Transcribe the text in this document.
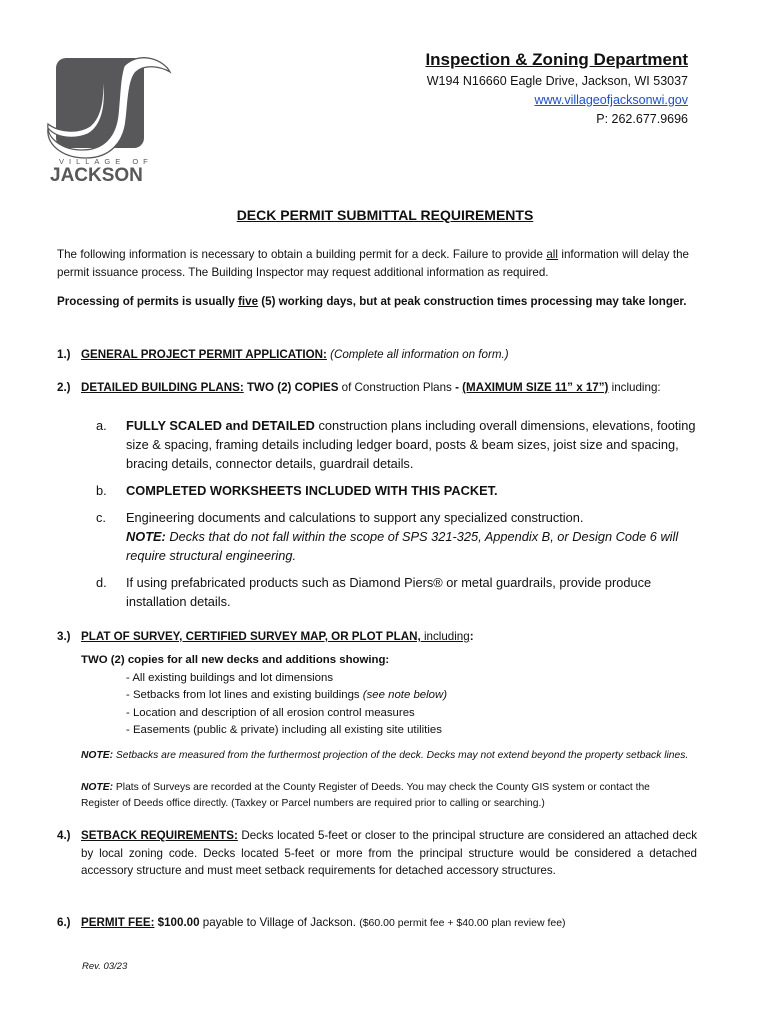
VILLAGE OF
JACKSON
Inspection & Zoning Department
W194 N16660 Eagle Drive, Jackson, WI 53037
www.villageofjacksonwi.gov
P: 262.677.9696
DECK PERMIT SUBMITTAL REQUIREMENTS
The following information is necessary to obtain a building permit for a deck. Failure to provide all information will delay the permit issuance process. The Building Inspector may request additional information as required.
Processing of permits is usually five (5) working days, but at peak construction times processing may take longer.
1.) GENERAL PROJECT PERMIT APPLICATION: (Complete all information on form.)
2.) DETAILED BUILDING PLANS: TWO (2) COPIES of Construction Plans - (MAXIMUM SIZE 11” x 17”) including:
a. FULLY SCALED and DETAILED construction plans including overall dimensions, elevations, footing size & spacing, framing details including ledger board, posts & beam sizes, joist size and spacing, bracing details, connector details, guardrail details.
b. COMPLETED WORKSHEETS INCLUDED WITH THIS PACKET.
c. Engineering documents and calculations to support any specialized construction.
NOTE: Decks that do not fall within the scope of SPS 321-325, Appendix B, or Design Code 6 will require structural engineering.
d. If using prefabricated products such as Diamond Piers® or metal guardrails, provide produce installation details.
3.) PLAT OF SURVEY, CERTIFIED SURVEY MAP, OR PLOT PLAN, including:
TWO (2) copies for all new decks and additions showing:
- All existing buildings and lot dimensions
- Setbacks from lot lines and existing buildings (see note below)
- Location and description of all erosion control measures
- Easements (public & private) including all existing site utilities
NOTE: Setbacks are measured from the furthermost projection of the deck. Decks may not extend beyond the property setback lines.
NOTE: Plats of Surveys are recorded at the County Register of Deeds. You may check the County GIS system or contact the Register of Deeds office directly. (Taxkey or Parcel numbers are required prior to calling or searching.)
4.) SETBACK REQUIREMENTS: Decks located 5-feet or closer to the principal structure are considered an attached deck by local zoning code. Decks located 5-feet or more from the principal structure would be considered a detached accessory structure and must meet setback requirements for detached accessory structures.
6.) PERMIT FEE: $100.00 payable to Village of Jackson. ($60.00 permit fee + $40.00 plan review fee)
Rev. 03/23
